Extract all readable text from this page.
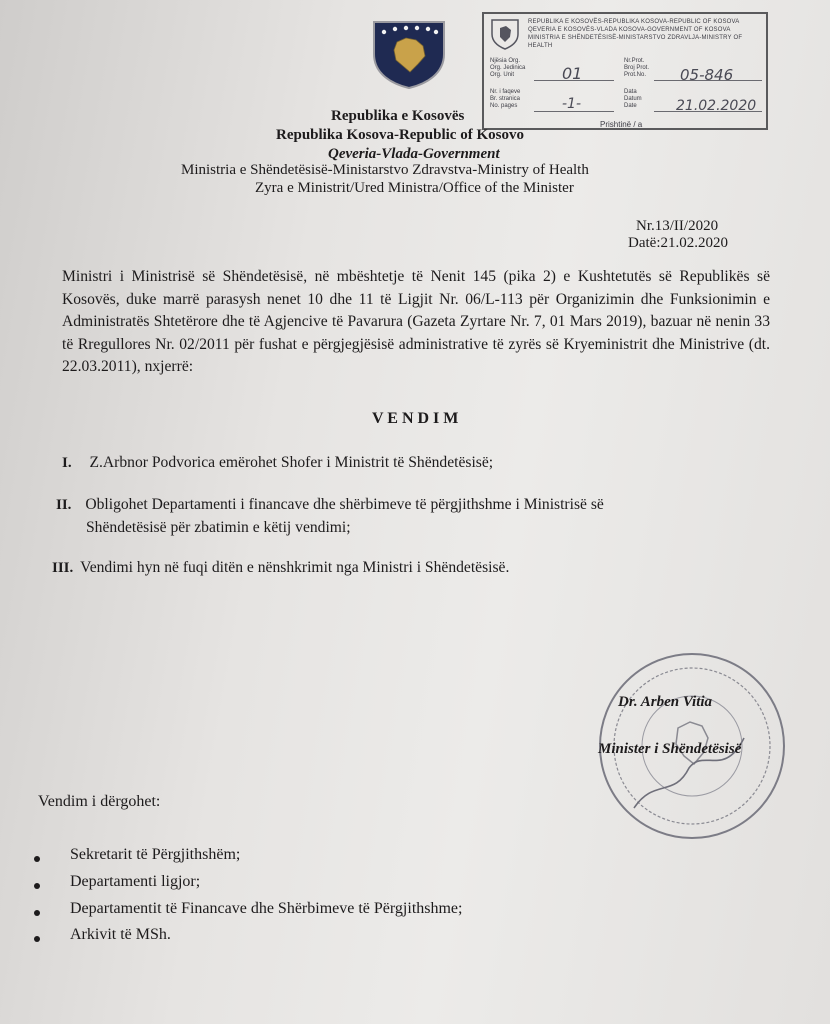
REPUBLIKA E KOSOVËS-REPUBLIKA KOSOVA-REPUBLIC OF KOSOVA
QEVERIA E KOSOVËS-VLADA KOSOVA-GOVERNMENT OF KOSOVA
MINISTRIA E SHËNDETËSISË-MINISTARSTVO ZDRAVLJA-MINISTRY OF HEALTH
Njësia Org.
Org. Jedinica
Org. Unit
Nr. i faqeve
Br. stranica
No. pages
Nr.Prot.
Broj Prot.
Prot.No.
Data
Datum
Date
01	05-846
-1-	21.02.2020
Prishtinë / a
Republika e Kosovës
Republika Kosova-Republic of Kosovo
Qeveria-Vlada-Government
Ministria e Shëndetësisë-Ministarstvo Zdravstva-Ministry of Health
Zyra e Ministrit/Ured Ministra/Office of the Minister
Nr.13/II/2020
Datë:21.02.2020
Ministri i Ministrisë së Shëndetësisë, në mbështetje të Nenit 145 (pika 2) e Kushtetutës së Republikës së Kosovës, duke marrë parasysh nenet 10 dhe 11 të Ligjit Nr. 06/L-113 për Organizimin dhe Funksionimin e Administratës Shtetërore dhe të Agjencive të Pavarura (Gazeta Zyrtare Nr. 7, 01 Mars 2019), bazuar në nenin 33 të Rregullores Nr. 02/2011 për fushat e përgjegjësisë administrative të zyrës së Kryeministrit dhe Ministrive (dt. 22.03.2011), nxjerrë:
V E N D I M
I. Z.Arbnor Podvorica emërohet Shofer i Ministrit të Shëndetësisë;
II. Obligohet Departamenti i financave dhe shërbimeve të përgjithshme i Ministrisë së
Shëndetësisë për zbatimin e këtij vendimi;
III. Vendimi hyn në fuqi ditën e nënshkrimit nga Ministri i Shëndetësisë.
Dr. Arben Vitia
Minister i Shëndetësisë
Vendim i dërgohet:
Sekretarit të Përgjithshëm;
Departamenti ligjor;
Departamentit të Financave dhe Shërbimeve të Përgjithshme;
Arkivit të MSh.
